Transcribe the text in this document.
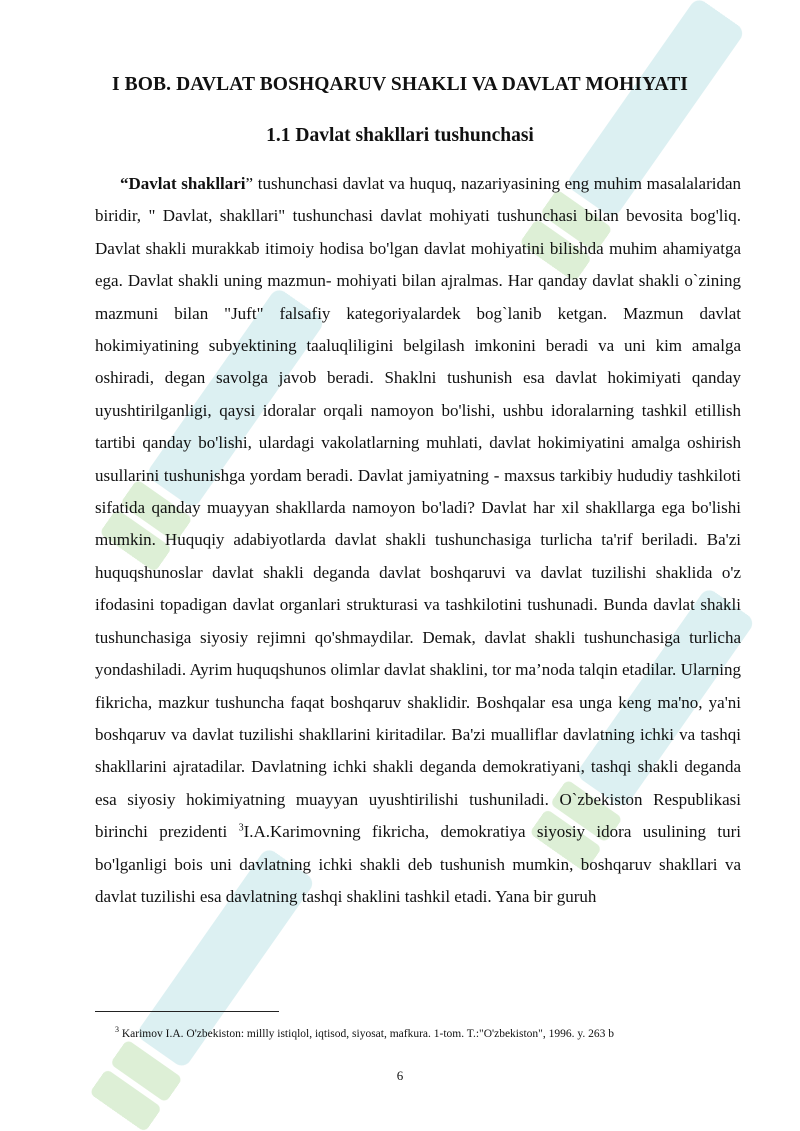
I BOB. DAVLAT BOSHQARUV SHAKLI VA DAVLAT MOHIYATI
1.1 Davlat shakllari tushunchasi

“Davlat shakllari” tushunchasi davlat va huquq, nazariyasining eng muhim masalalaridan biridir, " Davlat, shakllari" tushunchasi davlat mohiyati tushunchasi bilan bevosita bog'liq. Davlat shakli murakkab itimoiy hodisa bo'lgan davlat mohiyatini bilishda muhim ahamiyatga ega. Davlat shakli uning mazmun- mohiyati bilan ajralmas. Har qanday davlat shakli o`zining mazmuni bilan "Juft" falsafiy kategoriyalardek bog`lanib ketgan. Mazmun davlat hokimiyatining subyektining taaluqliligini belgilash imkonini beradi va uni kim amalga oshiradi, degan savolga javob beradi. Shaklni tushunish esa davlat hokimiyati qanday uyushtirilganligi, qaysi idoralar orqali namoyon bo'lishi, ushbu idoralarning tashkil etillish tartibi qanday bo'lishi, ulardagi vakolatlarning muhlati, davlat hokimiyatini amalga oshirish usullarini tushunishga yordam beradi. Davlat jamiyatning - maxsus tarkibiy hududiy tashkiloti sifatida qanday muayyan shakllarda namoyon bo'ladi? Davlat har xil shakllarga ega bo'lishi mumkin. Huquqiy adabiyotlarda davlat shakli tushunchasiga turlicha ta'rif beriladi. Ba'zi huquqshunoslar davlat shakli deganda davlat boshqaruvi va davlat tuzilishi shaklida o'z ifodasini topadigan davlat organlari strukturasi va tashkilotini tushunadi. Bunda davlat shakli tushunchasiga siyosiy rejimni qo'shmaydilar. Demak, davlat shakli tushunchasiga turlicha yondashiladi. Ayrim huquqshunos olimlar davlat shaklini, tor ma’noda talqin etadilar. Ularning fikricha, mazkur tushuncha faqat boshqaruv shaklidir. Boshqalar esa unga keng ma'no, ya'ni boshqaruv va davlat tuzilishi shakllarini kiritadilar. Ba'zi mualliflar davlatning ichki va tashqi shakllarini ajratadilar. Davlatning ichki shakli deganda demokratiyani, tashqi shakli deganda esa siyosiy hokimiyatning muayyan uyushtirilishi tushuniladi. O`zbekiston Respublikasi birinchi prezidenti $^3$I.A.Karimovning fikricha, demokratiya siyosiy idora usulining turi bo'lganligi bois uni davlatning ichki shakli deb tushunish mumkin, boshqaruv shakllari va davlat tuzilishi esa davlatning tashqi shaklini tashkil etadi. Yana bir guruh

$^3$ Karimov I.A. O'zbekiston: millly istiqlol, iqtisod, siyosat, mafkura. 1-tom. T.:"O'zbekiston", 1996. y. 263 b
6
